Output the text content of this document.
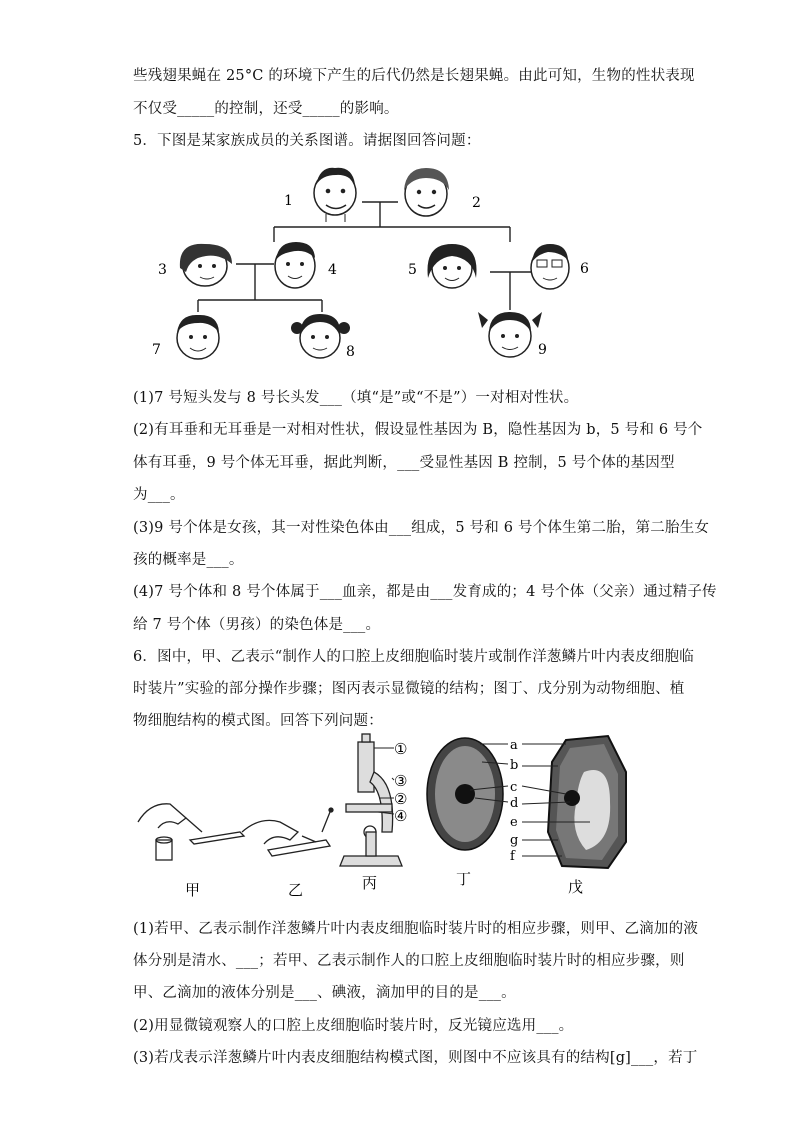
些残翅果蝇在 25°C 的环境下产生的后代仍然是长翅果蝇。由此可知，生物的性状表现
不仅受_____的控制，还受_____的影响。
5．下图是某家族成员的关系图谱。请据图回答问题：
1	2
3	4	5	6
7	8	9
(1)7 号短头发与 8 号长头发___（填“是”或“不是”）一对相对性状。
(2)有耳垂和无耳垂是一对相对性状，假设显性基因为 B，隐性基因为 b，5 号和 6 号个
体有耳垂，9 号个体无耳垂，据此判断，___受显性基因 B 控制，5 号个体的基因型
为___。
(3)9 号个体是女孩，其一对性染色体由___组成，5 号和 6 号个体生第二胎，第二胎生女
孩的概率是___。
(4)7 号个体和 8 号个体属于___血亲，都是由___发育成的；4 号个体（父亲）通过精子传
给 7 号个体（男孩）的染色体是___。
6．图中，甲、乙表示“制作人的口腔上皮细胞临时装片或制作洋葱鳞片叶内表皮细胞临
时装片”实验的部分操作步骤；图丙表示显微镜的结构；图丁、戊分别为动物细胞、植
物细胞结构的模式图。回答下列问题：
甲	乙
①
③
②
④
丙
a
b
c
d
e
g
f
丁	戊
(1)若甲、乙表示制作洋葱鳞片叶内表皮细胞临时装片时的相应步骤，则甲、乙滴加的液
体分别是清水、___；若甲、乙表示制作人的口腔上皮细胞临时装片时的相应步骤，则
甲、乙滴加的液体分别是___、碘液，滴加甲的目的是___。
(2)用显微镜观察人的口腔上皮细胞临时装片时，反光镜应选用___。
(3)若戊表示洋葱鳞片叶内表皮细胞结构模式图，则图中不应该具有的结构[g]___，若丁
